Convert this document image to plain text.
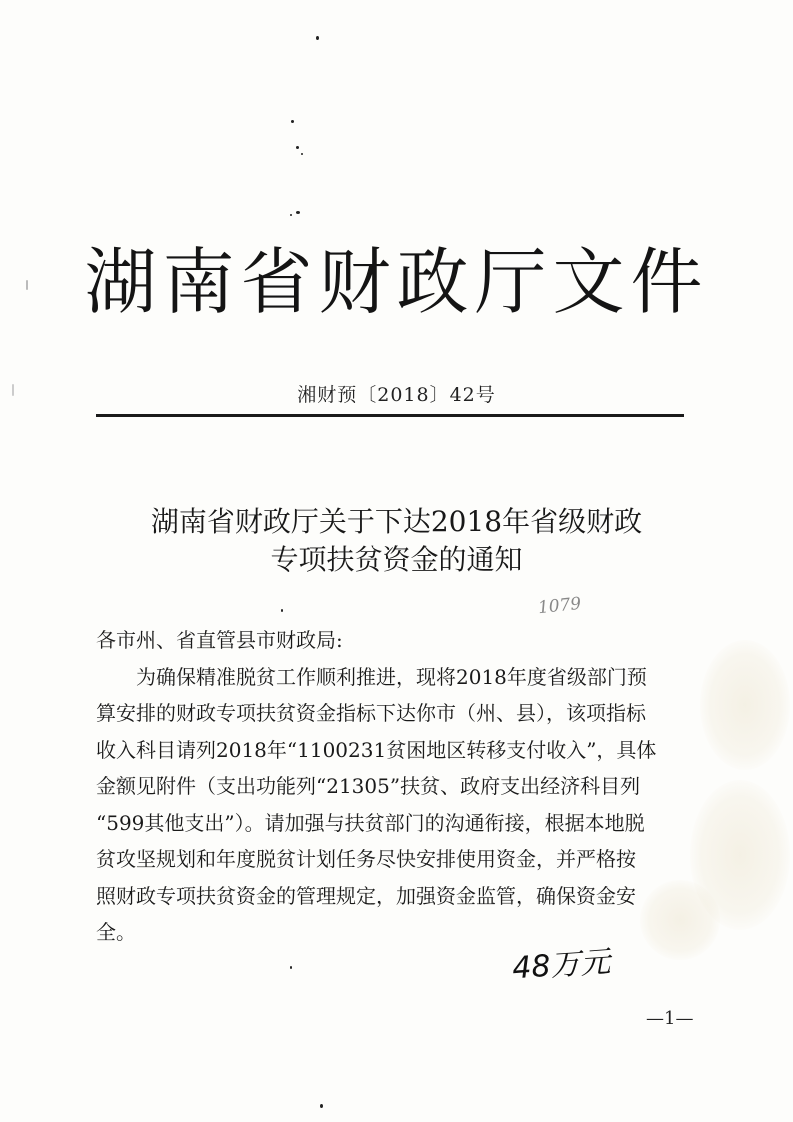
湖南省财政厅文件
湘财预〔2018〕42号
湖南省财政厅关于下达2018年省级财政
专项扶贫资金的通知
1079

各市州、省直管县市财政局:

　　为确保精准脱贫工作顺利推进，现将2018年度省级部门预

算安排的财政专项扶贫资金指标下达你市（州、县），该项指标

收入科目请列2018年“1100231贫困地区转移支付收入”，具体

金额见附件（支出功能列“21305”扶贫、政府支出经济科目列

“599其他支出”）。请加强与扶贫部门的沟通衔接，根据本地脱

贫攻坚规划和年度脱贫计划任务尽快安排使用资金，并严格按

照财政专项扶贫资金的管理规定，加强资金监管，确保资金安

全。

48万元
—1—
